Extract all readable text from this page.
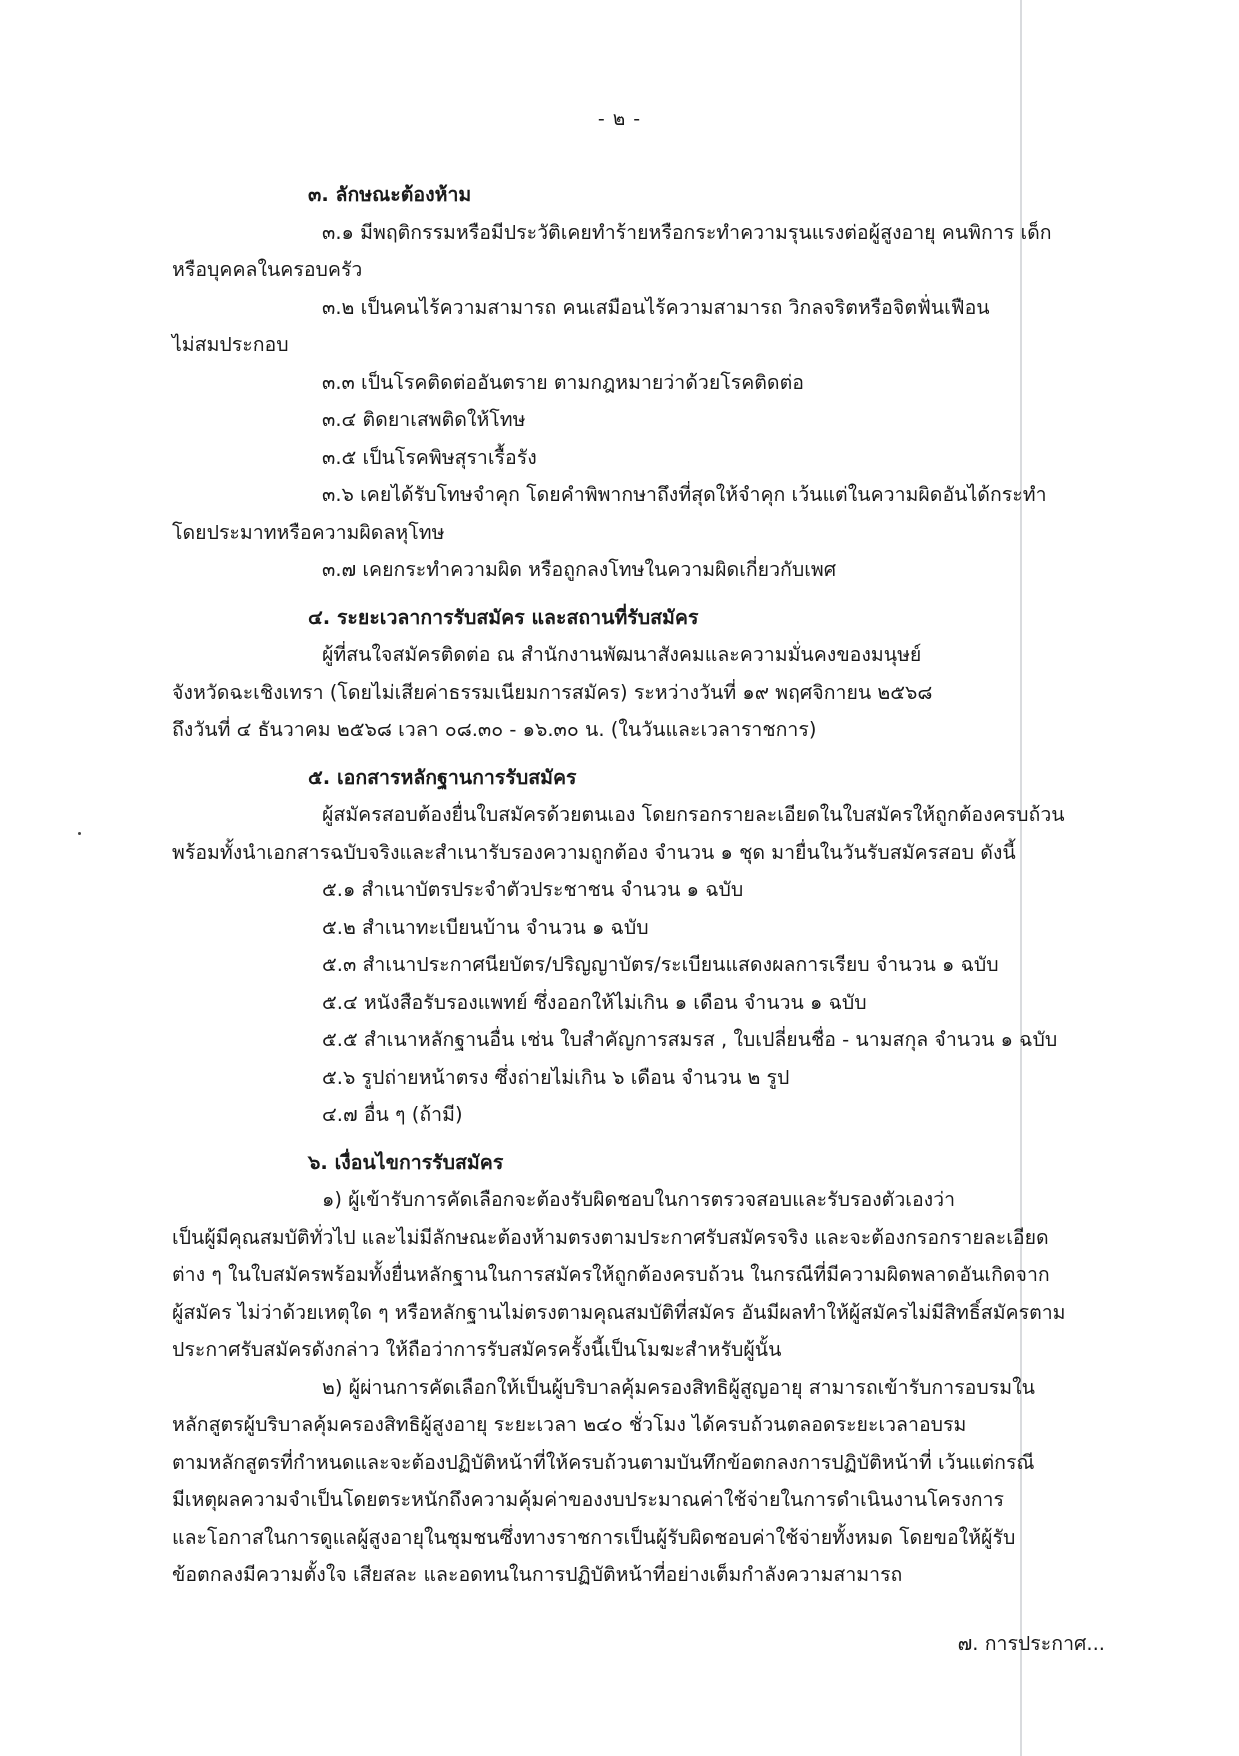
- ๒ -
๓. ลักษณะต้องห้าม
๓.๑ มีพฤติกรรมหรือมีประวัติเคยทำร้ายหรือกระทำความรุนแรงต่อผู้สูงอายุ คนพิการ เด็ก
หรือบุคคลในครอบครัว
๓.๒ เป็นคนไร้ความสามารถ คนเสมือนไร้ความสามารถ วิกลจริตหรือจิตฟั่นเฟือน
ไม่สมประกอบ
๓.๓ เป็นโรคติดต่ออันตราย ตามกฎหมายว่าด้วยโรคติดต่อ
๓.๔ ติดยาเสพติดให้โทษ
๓.๕ เป็นโรคพิษสุราเรื้อรัง
๓.๖ เคยได้รับโทษจำคุก โดยคำพิพากษาถึงที่สุดให้จำคุก เว้นแต่ในความผิดอันได้กระทำ
โดยประมาทหรือความผิดลหุโทษ
๓.๗ เคยกระทำความผิด หรือถูกลงโทษในความผิดเกี่ยวกับเพศ
๔. ระยะเวลาการรับสมัคร และสถานที่รับสมัคร
ผู้ที่สนใจสมัครติดต่อ ณ สำนักงานพัฒนาสังคมและความมั่นคงของมนุษย์
จังหวัดฉะเชิงเทรา (โดยไม่เสียค่าธรรมเนียมการสมัคร) ระหว่างวันที่ ๑๙ พฤศจิกายน ๒๕๖๘
ถึงวันที่ ๔ ธันวาคม ๒๕๖๘ เวลา ๐๘.๓๐ - ๑๖.๓๐ น. (ในวันและเวลาราชการ)
๕. เอกสารหลักฐานการรับสมัคร
ผู้สมัครสอบต้องยื่นใบสมัครด้วยตนเอง โดยกรอกรายละเอียดในใบสมัครให้ถูกต้องครบถ้วน
พร้อมทั้งนำเอกสารฉบับจริงและสำเนารับรองความถูกต้อง จำนวน ๑ ชุด มายื่นในวันรับสมัครสอบ ดังนี้
๕.๑ สำเนาบัตรประจำตัวประชาชน จำนวน ๑ ฉบับ
๕.๒ สำเนาทะเบียนบ้าน จำนวน ๑ ฉบับ
๕.๓ สำเนาประกาศนียบัตร/ปริญญาบัตร/ระเบียนแสดงผลการเรียบ จำนวน ๑ ฉบับ
๕.๔ หนังสือรับรองแพทย์ ซึ่งออกให้ไม่เกิน ๑ เดือน จำนวน ๑ ฉบับ
๕.๕ สำเนาหลักฐานอื่น เช่น ใบสำคัญการสมรส , ใบเปลี่ยนชื่อ - นามสกุล จำนวน ๑ ฉบับ
๕.๖ รูปถ่ายหน้าตรง ซึ่งถ่ายไม่เกิน ๖ เดือน จำนวน ๒ รูป
๔.๗ อื่น ๆ (ถ้ามี)
๖. เงื่อนไขการรับสมัคร
๑) ผู้เข้ารับการคัดเลือกจะต้องรับผิดชอบในการตรวจสอบและรับรองตัวเองว่า
เป็นผู้มีคุณสมบัติทั่วไป และไม่มีลักษณะต้องห้ามตรงตามประกาศรับสมัครจริง และจะต้องกรอกรายละเอียด
ต่าง ๆ ในใบสมัครพร้อมทั้งยื่นหลักฐานในการสมัครให้ถูกต้องครบถ้วน ในกรณีที่มีความผิดพลาดอันเกิดจาก
ผู้สมัคร ไม่ว่าด้วยเหตุใด ๆ หรือหลักฐานไม่ตรงตามคุณสมบัติที่สมัคร อันมีผลทำให้ผู้สมัครไม่มีสิทธิ์สมัครตาม
ประกาศรับสมัครดังกล่าว ให้ถือว่าการรับสมัครครั้งนี้เป็นโมฆะสำหรับผู้นั้น
๒) ผู้ผ่านการคัดเลือกให้เป็นผู้บริบาลคุ้มครองสิทธิผู้สูญอายุ สามารถเข้ารับการอบรมใน
หลักสูตรผู้บริบาลคุ้มครองสิทธิผู้สูงอายุ ระยะเวลา ๒๔๐ ชั่วโมง ได้ครบถ้วนตลอดระยะเวลาอบรม
ตามหลักสูตรที่กำหนดและจะต้องปฏิบัติหน้าที่ให้ครบถ้วนตามบันทึกข้อตกลงการปฏิบัติหน้าที่ เว้นแต่กรณี
มีเหตุผลความจำเป็นโดยตระหนักถึงความคุ้มค่าของงบประมาณค่าใช้จ่ายในการดำเนินงานโครงการ
และโอกาสในการดูแลผู้สูงอายุในชุมชนซึ่งทางราชการเป็นผู้รับผิดชอบค่าใช้จ่ายทั้งหมด โดยขอให้ผู้รับ
ข้อตกลงมีความตั้งใจ เสียสละ และอดทนในการปฏิบัติหน้าที่อย่างเต็มกำลังความสามารถ
๗. การประกาศ...
